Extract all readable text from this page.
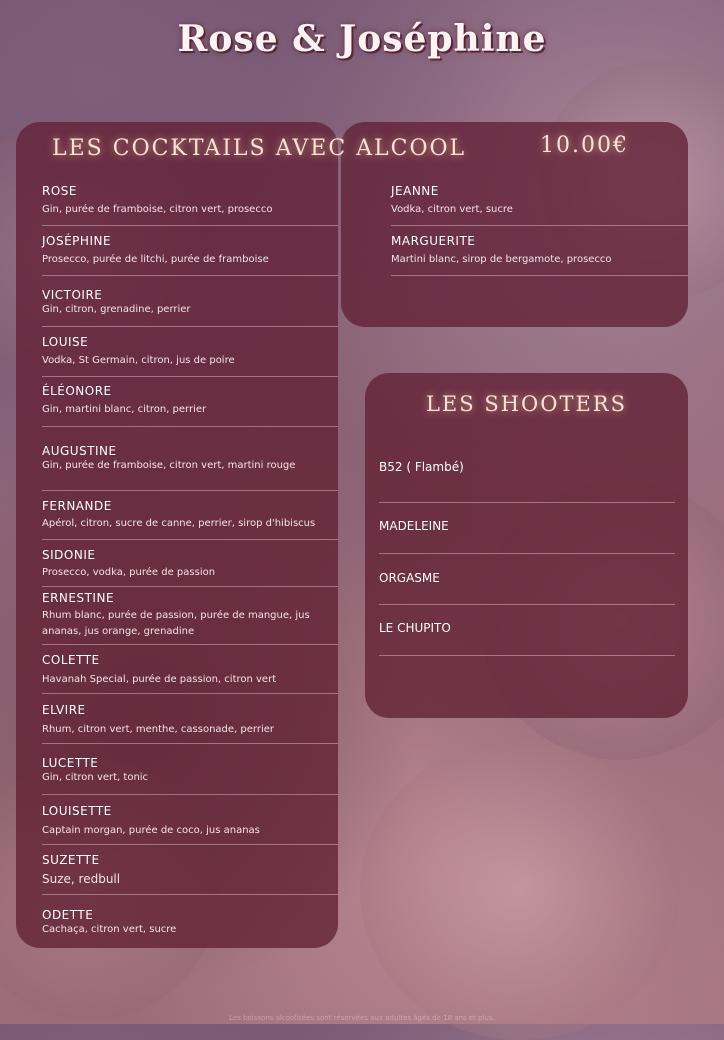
Rose & Joséphine
LES COCKTAILS AVEC ALCOOL	10.00€
ROSE
Gin, purée de framboise, citron vert, prosecco
JOSÉPHINE
Prosecco, purée de litchi, purée de framboise
VICTOIRE
Gin, citron, grenadine, perrier
LOUISE
Vodka, St Germain, citron, jus de poire
ÉLÉONORE
Gin, martini blanc, citron, perrier
AUGUSTINE
Gin, purée de framboise, citron vert, martini rouge
FERNANDE
Apérol, citron, sucre de canne, perrier, sirop d'hibiscus
SIDONIE
Prosecco, vodka, purée de passion
ERNESTINE
Rhum blanc, purée de passion, purée de mangue, jus ananas, jus orange, grenadine
COLETTE
Havanah Special, purée de passion, citron vert
ELVIRE
Rhum, citron vert, menthe, cassonade, perrier
LUCETTE
Gin, citron vert, tonic
LOUISETTE
Captain morgan, purée de coco, jus ananas
SUZETTE
Suze, redbull
ODETTE
Cachaça, citron vert, sucre
JEANNE
Vodka, citron vert, sucre
MARGUERITE
Martini blanc, sirop de bergamote, prosecco
LES SHOOTERS
B52 ( Flambé)
MADELEINE
ORGASME
LE CHUPITO
Les boissons alcoolisées sont réservées aux adultes âgés de 18 ans et plus.
